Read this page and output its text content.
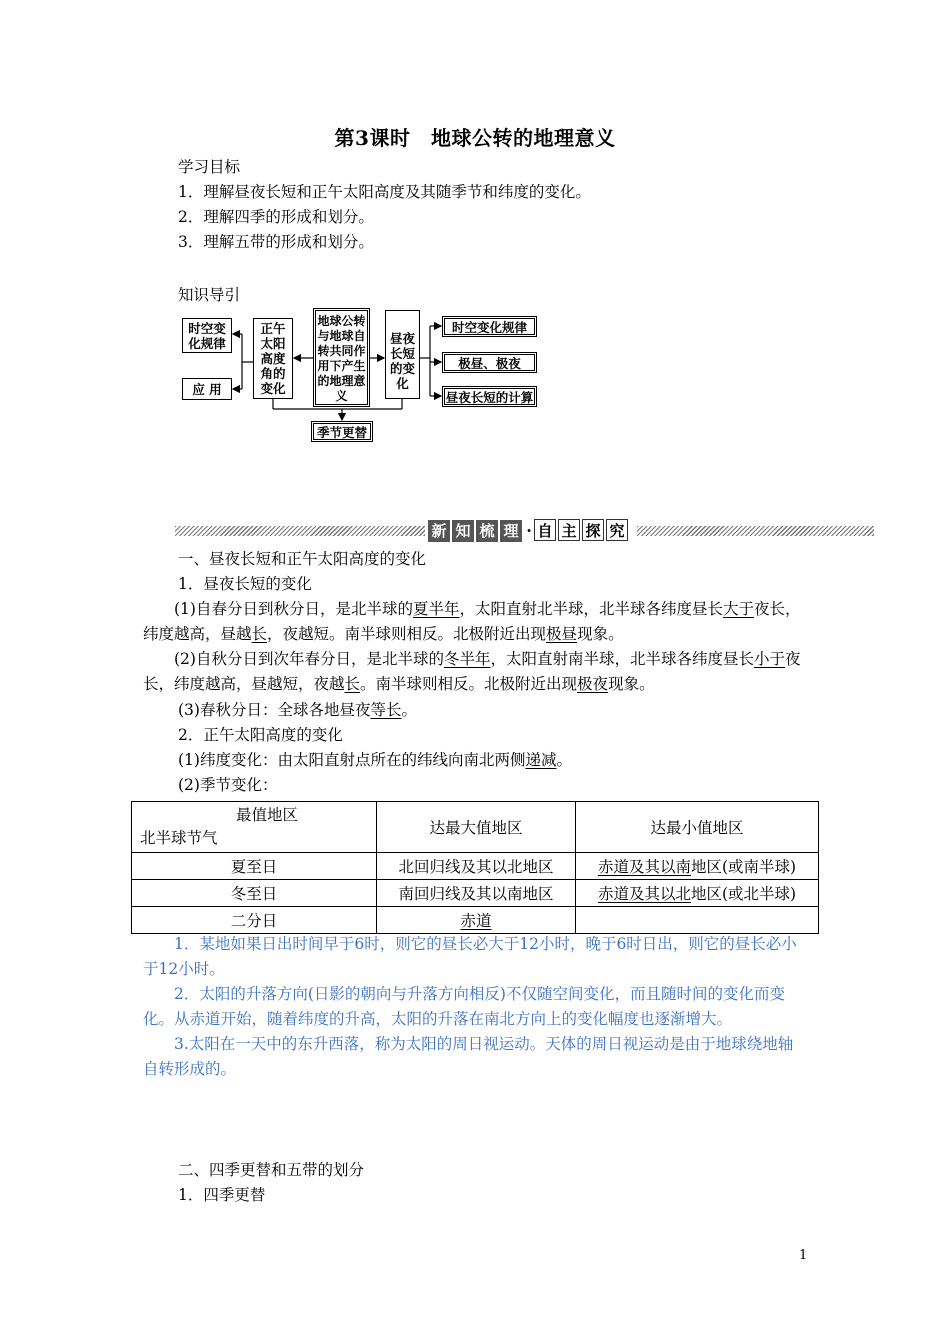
第3课时　地球公转的地理意义
学习目标
1．理解昼夜长短和正午太阳高度及其随季节和纬度的变化。
2．理解四季的形成和划分。
3．理解五带的形成和划分。
知识导引
时空变
化规律
应 用
正午
太阳
高度
角的
变化
地球公转
与地球自
转共同作
用下产生
的地理意
义
昼夜
长短
的变
化
时空变化规律
极昼、极夜
昼夜长短的计算
季节更替
新 知 梳 理 · 自 主 探 究
一、昼夜长短和正午太阳高度的变化
1．昼夜长短的变化
(1)自春分日到秋分日，是北半球的夏半年，太阳直射北半球，北半球各纬度昼长大于夜长，纬度越高，昼越长，夜越短。南半球则相反。北极附近出现极昼现象。
(2)自秋分日到次年春分日，是北半球的冬半年，太阳直射南半球，北半球各纬度昼长小于夜长，纬度越高，昼越短，夜越长。南半球则相反。北极附近出现极夜现象。
(3)春秋分日：全球各地昼夜等长。
2．正午太阳高度的变化
(1)纬度变化：由太阳直射点所在的纬线向南北两侧递减。
(2)季节变化：
最值地区
北半球节气	达最大值地区	达最小值地区
夏至日	北回归线及其以北地区	赤道及其以南地区(或南半球)
冬至日	南回归线及其以南地区	赤道及其以北地区(或北半球)
二分日	赤道	
1．某地如果日出时间早于6时，则它的昼长必大于12小时，晚于6时日出，则它的昼长必小于12小时。
2．太阳的升落方向(日影的朝向与升落方向相反)不仅随空间变化，而且随时间的变化而变化。从赤道开始，随着纬度的升高，太阳的升落在南北方向上的变化幅度也逐渐增大。
3.太阳在一天中的东升西落，称为太阳的周日视运动。天体的周日视运动是由于地球绕地轴自转形成的。
二、四季更替和五带的划分
1．四季更替
1
